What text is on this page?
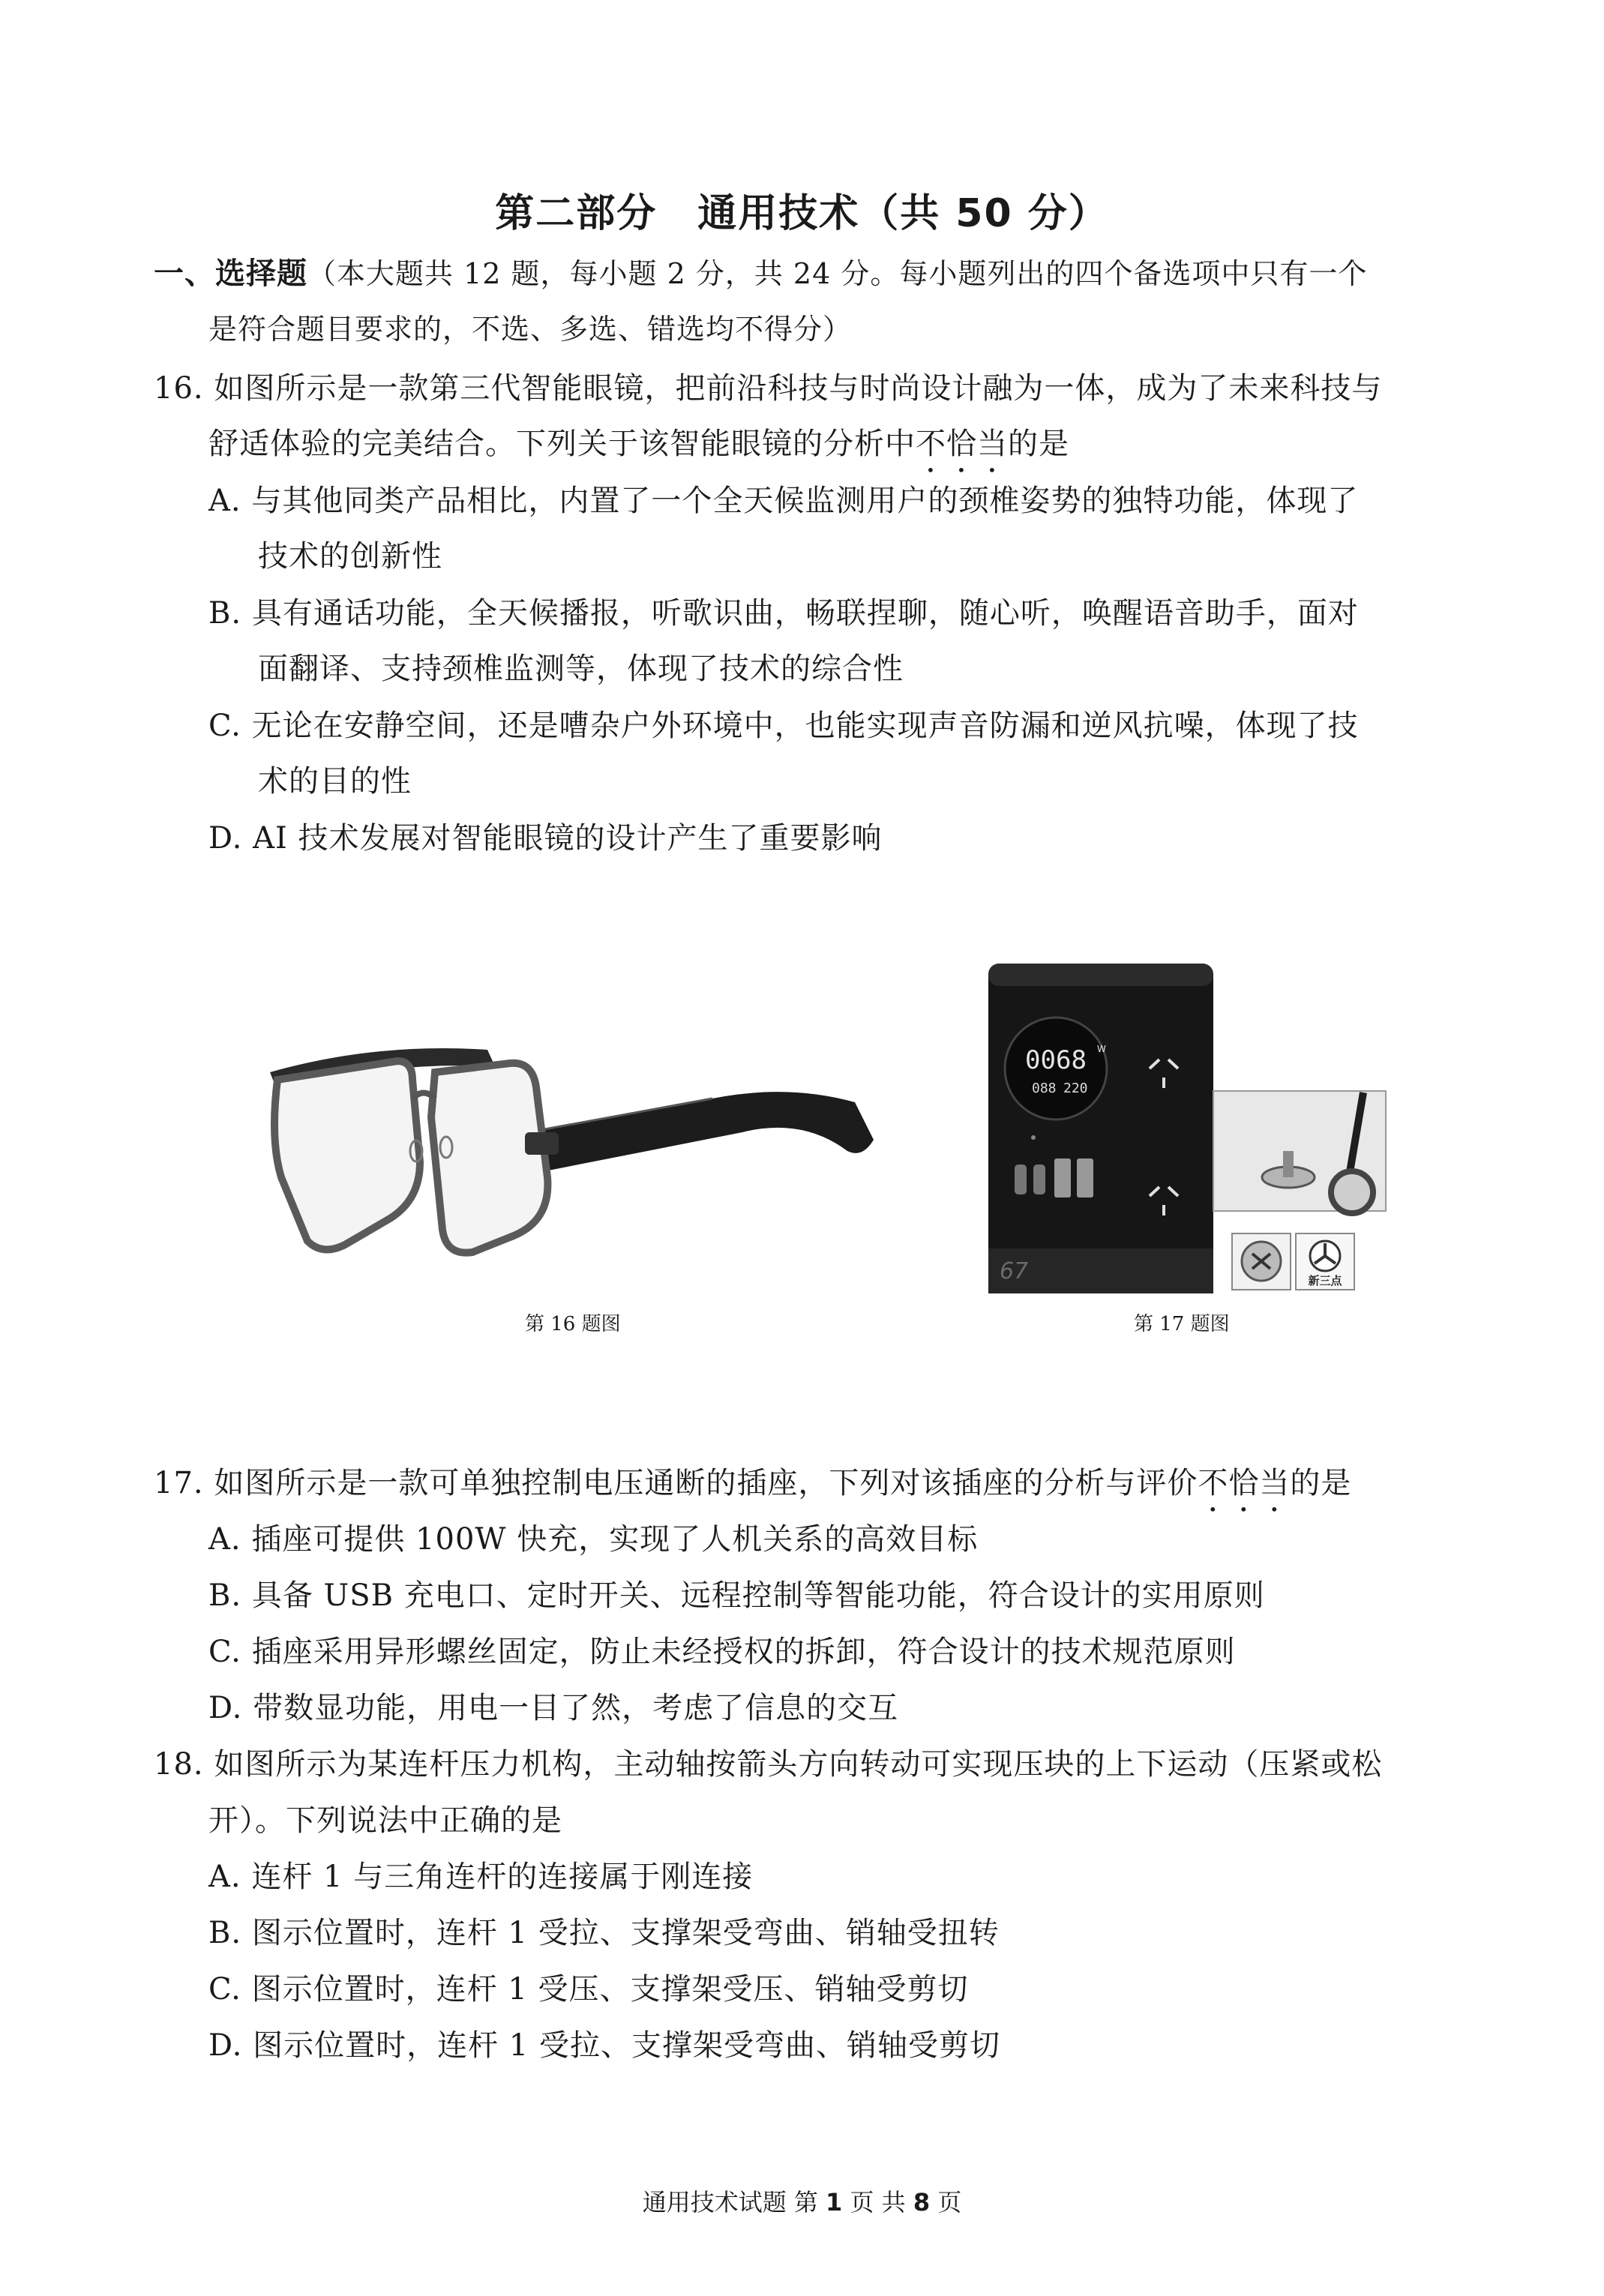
第二部分　通用技术（共 50 分）
一、选择题（本大题共 12 题，每小题 2 分，共 24 分。每小题列出的四个备选项中只有一个
是符合题目要求的，不选、多选、错选均不得分）
16. 如图所示是一款第三代智能眼镜，把前沿科技与时尚设计融为一体，成为了未来科技与
舒适体验的完美结合。下列关于该智能眼镜的分析中不恰当的是
A. 与其他同类产品相比，内置了一个全天候监测用户的颈椎姿势的独特功能，体现了
技术的创新性
B. 具有通话功能，全天候播报，听歌识曲，畅联捏聊，随心听，唤醒语音助手，面对
面翻译、支持颈椎监测等，体现了技术的综合性
C. 无论在安静空间，还是嘈杂户外环境中，也能实现声音防漏和逆风抗噪，体现了技
术的目的性
D. AI 技术发展对智能眼镜的设计产生了重要影响
0068 W
088 220
67	新三点
第 16 题图	第 17 题图
17. 如图所示是一款可单独控制电压通断的插座，下列对该插座的分析与评价不恰当的是
A. 插座可提供 100W 快充，实现了人机关系的高效目标
B. 具备 USB 充电口、定时开关、远程控制等智能功能，符合设计的实用原则
C. 插座采用异形螺丝固定，防止未经授权的拆卸，符合设计的技术规范原则
D. 带数显功能，用电一目了然，考虑了信息的交互
18. 如图所示为某连杆压力机构，主动轴按箭头方向转动可实现压块的上下运动（压紧或松
开）。下列说法中正确的是
A. 连杆 1 与三角连杆的连接属于刚连接
B. 图示位置时，连杆 1 受拉、支撑架受弯曲、销轴受扭转
C. 图示位置时，连杆 1 受压、支撑架受压、销轴受剪切
D. 图示位置时，连杆 1 受拉、支撑架受弯曲、销轴受剪切
通用技术试题 第 1 页 共 8 页
